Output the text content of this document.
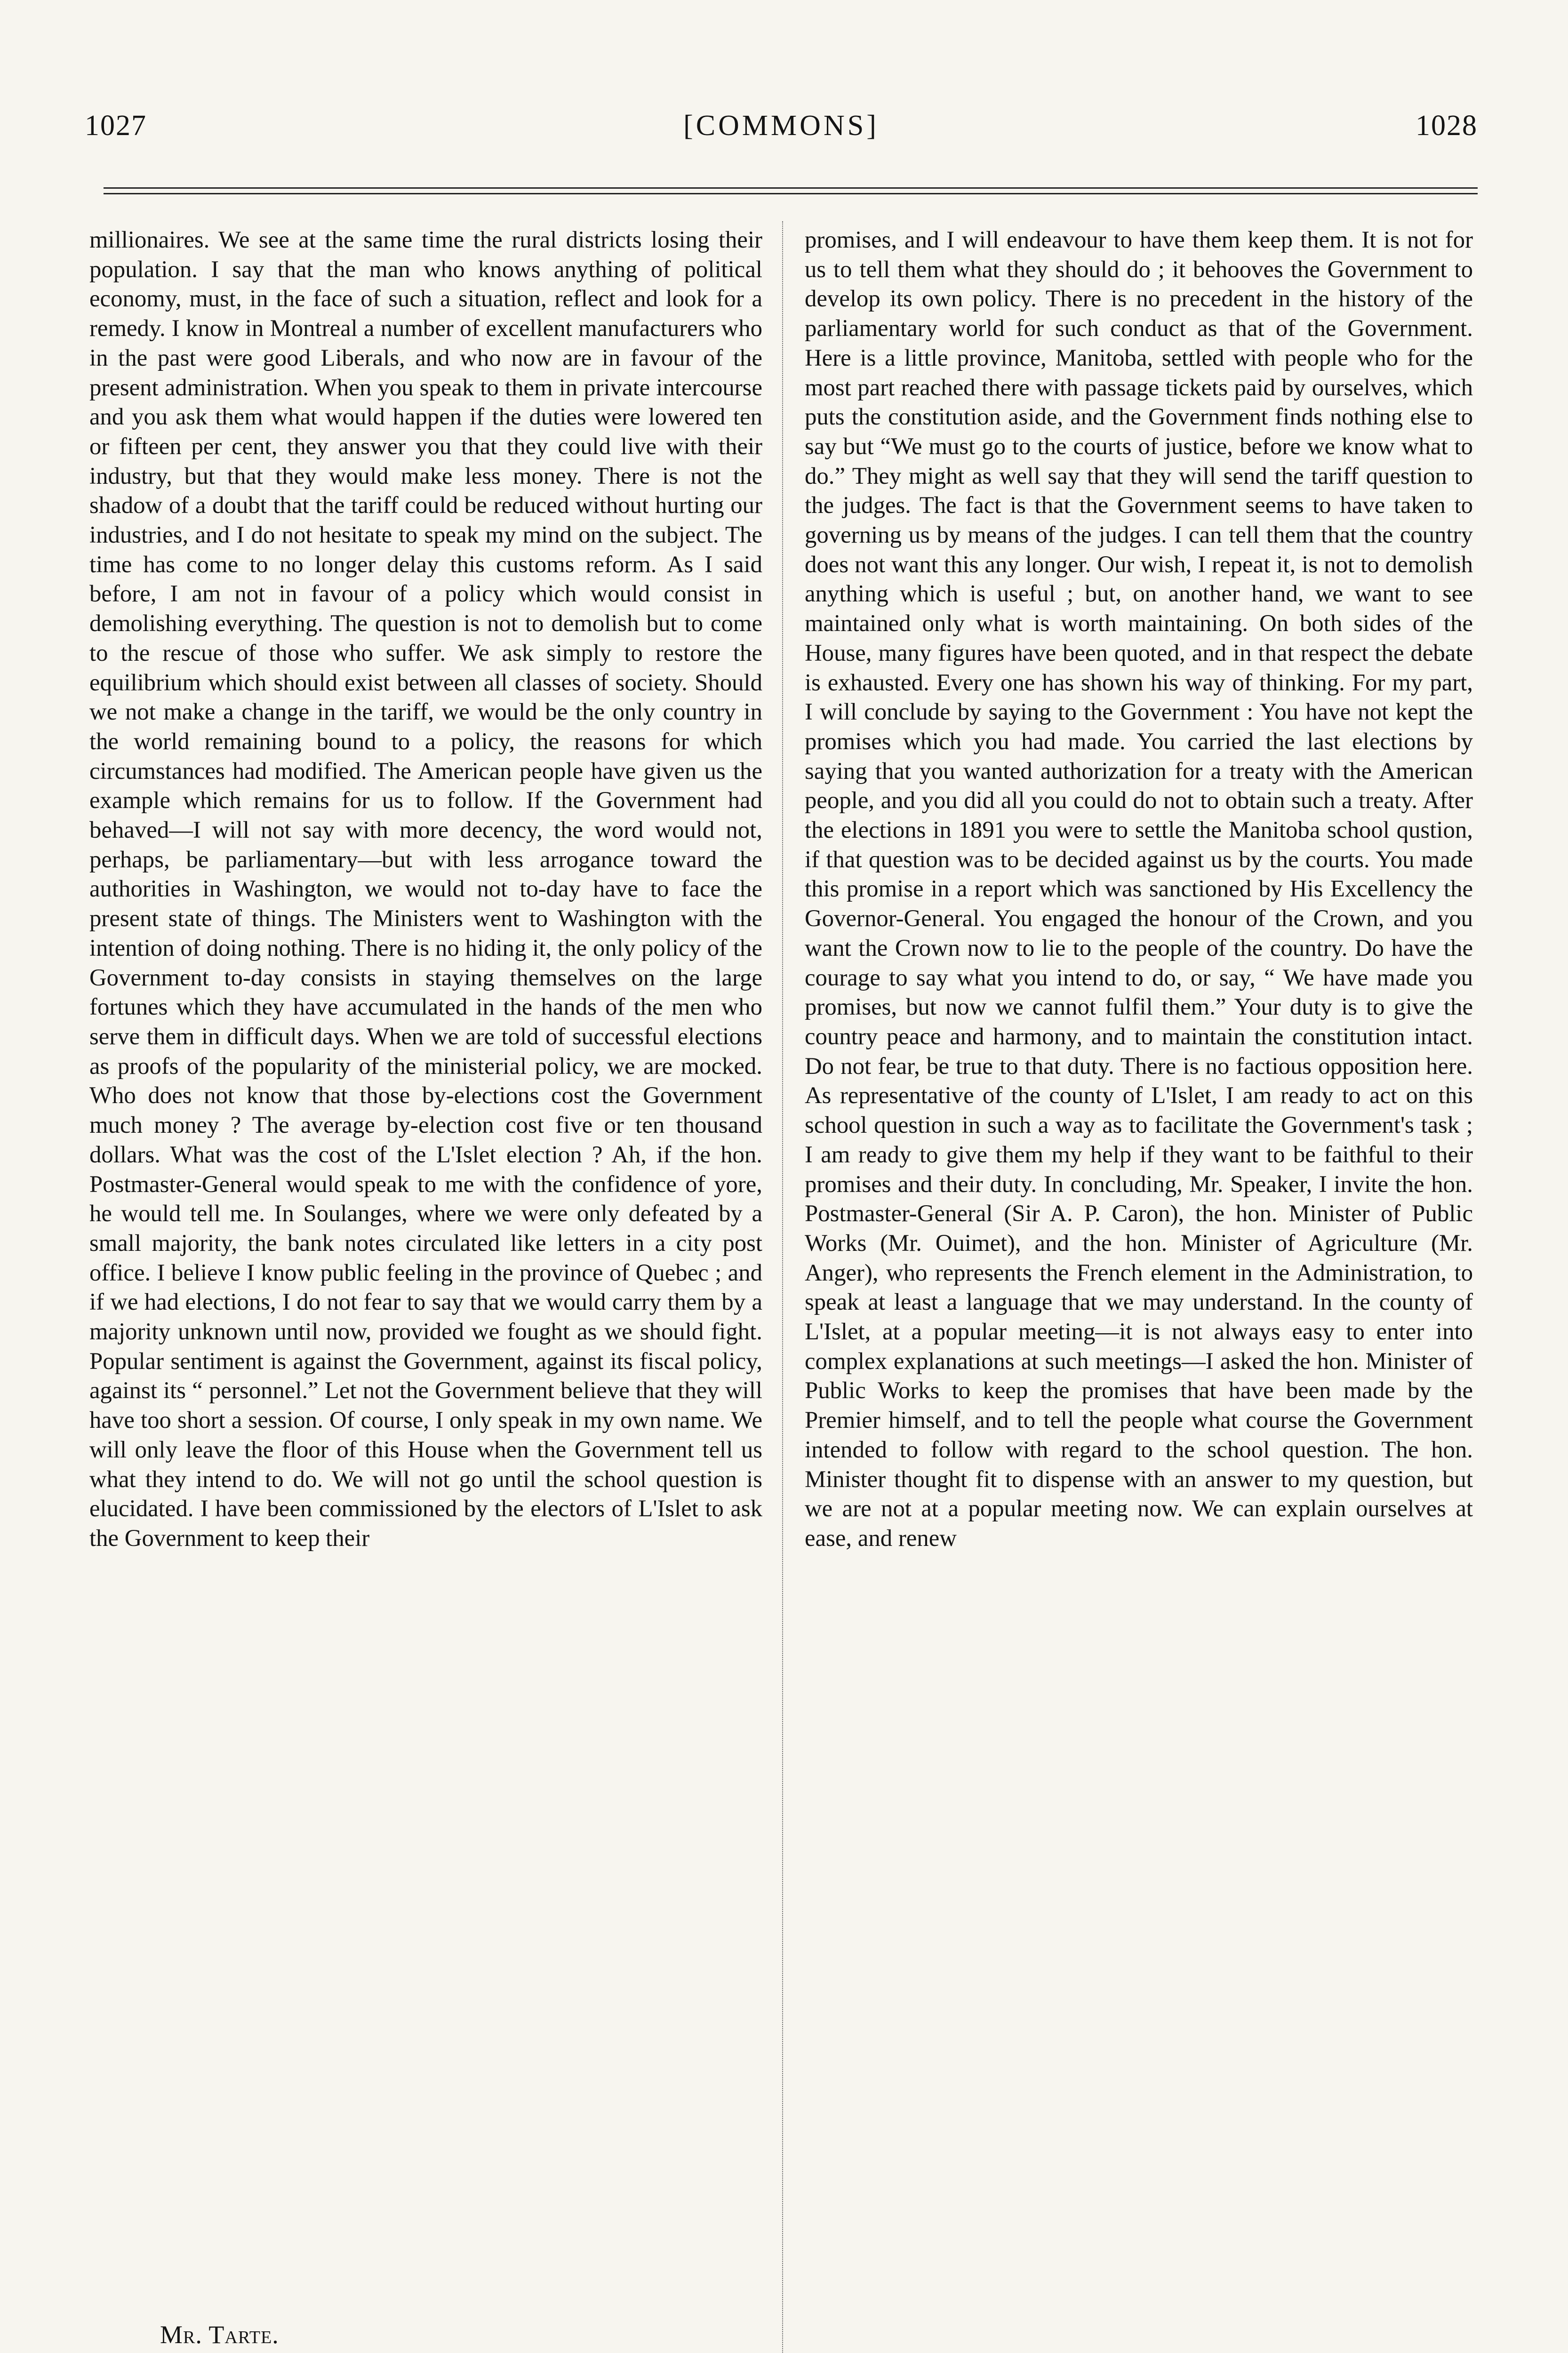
1027	[COMMONS]	1028

millionaires. We see at the same time the rural districts losing their population. I say that the man who knows anything of political economy, must, in the face of such a situation, reflect and look for a remedy. I know in Montreal a number of excellent manufacturers who in the past were good Liberals, and who now are in favour of the present administration. When you speak to them in private intercourse and you ask them what would happen if the duties were lowered ten or fifteen per cent, they answer you that they could live with their industry, but that they would make less money. There is not the shadow of a doubt that the tariff could be reduced without hurting our industries, and I do not hesitate to speak my mind on the subject. The time has come to no longer delay this customs reform. As I said before, I am not in favour of a policy which would consist in demolishing everything. The question is not to demolish but to come to the rescue of those who suffer. We ask simply to restore the equilibrium which should exist between all classes of society. Should we not make a change in the tariff, we would be the only country in the world remaining bound to a policy, the reasons for which circumstances had modified. The American people have given us the example which remains for us to follow. If the Government had behaved—I will not say with more decency, the word would not, perhaps, be parliamentary—but with less arrogance toward the authorities in Washington, we would not to-day have to face the present state of things. The Ministers went to Washington with the intention of doing nothing. There is no hiding it, the only policy of the Government to-day consists in staying themselves on the large fortunes which they have accumulated in the hands of the men who serve them in difficult days. When we are told of successful elections as proofs of the popularity of the ministerial policy, we are mocked. Who does not know that those by-elections cost the Government much money ? The average by-election cost five or ten thousand dollars. What was the cost of the L'Islet election ? Ah, if the hon. Postmaster-General would speak to me with the confidence of yore, he would tell me. In Soulanges, where we were only defeated by a small majority, the bank notes circulated like letters in a city post office. I believe I know public feeling in the province of Quebec ; and if we had elections, I do not fear to say that we would carry them by a majority unknown until now, provided we fought as we should fight. Popular sentiment is against the Government, against its fiscal policy, against its “ personnel.” Let not the Government believe that they will have too short a session. Of course, I only speak in my own name. We will only leave the floor of this House when the Government tell us what they intend to do. We will not go until the school question is elucidated. I have been commissioned by the electors of L'Islet to ask the Government to keep their

promises, and I will endeavour to have them keep them. It is not for us to tell them what they should do ; it behooves the Government to develop its own policy. There is no precedent in the history of the parliamentary world for such conduct as that of the Government. Here is a little province, Manitoba, settled with people who for the most part reached there with passage tickets paid by ourselves, which puts the constitution aside, and the Government finds nothing else to say but “We must go to the courts of justice, before we know what to do.” They might as well say that they will send the tariff question to the judges. The fact is that the Government seems to have taken to governing us by means of the judges. I can tell them that the country does not want this any longer. Our wish, I repeat it, is not to demolish anything which is useful ; but, on another hand, we want to see maintained only what is worth maintaining. On both sides of the House, many figures have been quoted, and in that respect the debate is exhausted. Every one has shown his way of thinking. For my part, I will conclude by saying to the Government : You have not kept the promises which you had made. You carried the last elections by saying that you wanted authorization for a treaty with the American people, and you did all you could do not to obtain such a treaty. After the elections in 1891 you were to settle the Manitoba school qustion, if that question was to be decided against us by the courts. You made this promise in a report which was sanctioned by His Excellency the Governor-General. You engaged the honour of the Crown, and you want the Crown now to lie to the people of the country. Do have the courage to say what you intend to do, or say, “ We have made you promises, but now we cannot fulfil them.” Your duty is to give the country peace and harmony, and to maintain the constitution intact. Do not fear, be true to that duty. There is no factious opposition here. As representative of the county of L'Islet, I am ready to act on this school question in such a way as to facilitate the Government's task ; I am ready to give them my help if they want to be faithful to their promises and their duty. In concluding, Mr. Speaker, I invite the hon. Postmaster-General (Sir A. P. Caron), the hon. Minister of Public Works (Mr. Ouimet), and the hon. Minister of Agriculture (Mr. Anger), who represents the French element in the Administration, to speak at least a language that we may understand. In the county of L'Islet, at a popular meeting—it is not always easy to enter into complex explanations at such meetings—I asked the hon. Minister of Public Works to keep the promises that have been made by the Premier himself, and to tell the people what course the Government intended to follow with regard to the school question. The hon. Minister thought fit to dispense with an answer to my question, but we are not at a popular meeting now. We can explain ourselves at ease, and renew

Mr. Tarte.
